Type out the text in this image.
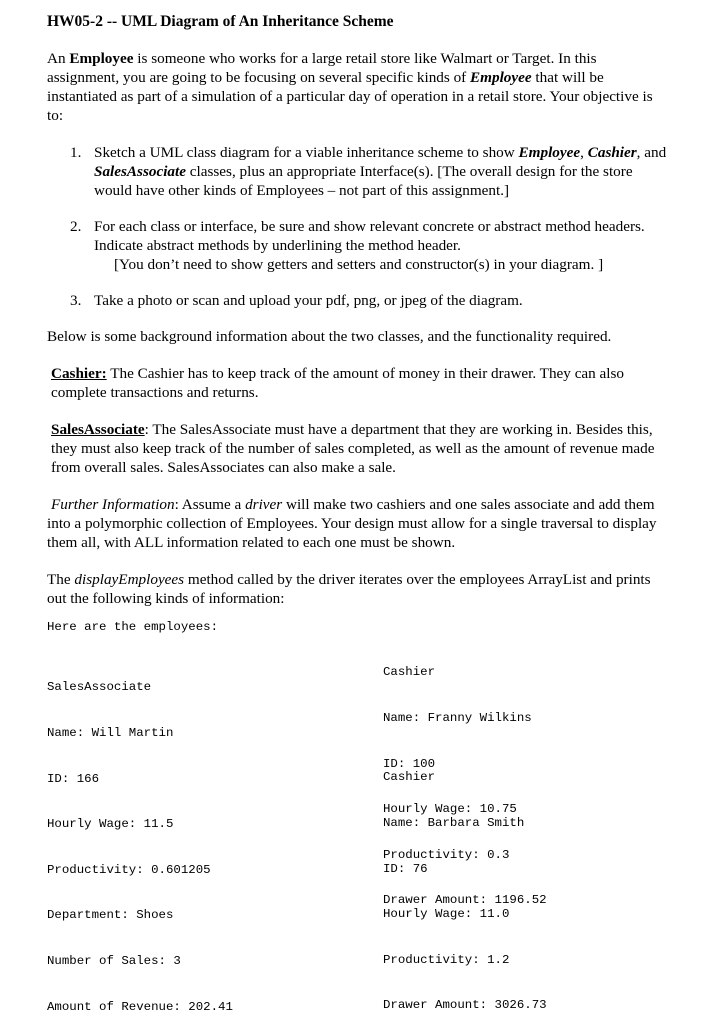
HW05-2 -- UML Diagram of An Inheritance Scheme

An Employee is someone who works for a large retail store like Walmart or Target. In this assignment, you are going to be focusing on several specific kinds of Employee that will be instantiated as part of a simulation of a particular day of operation in a retail store. Your objective is to:

1. Sketch a UML class diagram for a viable inheritance scheme to show Employee, Cashier, and SalesAssociate classes, plus an appropriate Interface(s). [The overall design for the store would have other kinds of Employees – not part of this assignment.]
2. For each class or interface, be sure and show relevant concrete or abstract method headers. Indicate abstract methods by underlining the method header.
[You don’t need to show getters and setters and constructor(s) in your diagram. ]
3. Take a photo or scan and upload your pdf, png, or jpeg of the diagram.

Below is some background information about the two classes, and the functionality required.

Cashier: The Cashier has to keep track of the amount of money in their drawer. They can also complete transactions and returns.

SalesAssociate: The SalesAssociate must have a department that they are working in. Besides this, they must also keep track of the number of sales completed, as well as the amount of revenue made from overall sales. SalesAssociates can also make a sale.

Further Information: Assume a driver will make two cashiers and one sales associate and add them into a polymorphic collection of Employees. Your design must allow for a single traversal to display them all, with ALL information related to each one must be shown.

The displayEmployees method called by the driver iterates over the employees ArrayList and prints out the following kinds of information:

Here are the employees:

SalesAssociate

Name: Will Martin

ID: 166

Hourly Wage: 11.5

Productivity: 0.601205

Department: Shoes

Number of Sales: 3

Amount of Revenue: 202.41

Cashier

Name: Franny Wilkins

ID: 100

Hourly Wage: 10.75

Productivity: 0.3

Drawer Amount: 1196.52

Cashier

Name: Barbara Smith

ID: 76

Hourly Wage: 11.0

Productivity: 1.2

Drawer Amount: 3026.73
